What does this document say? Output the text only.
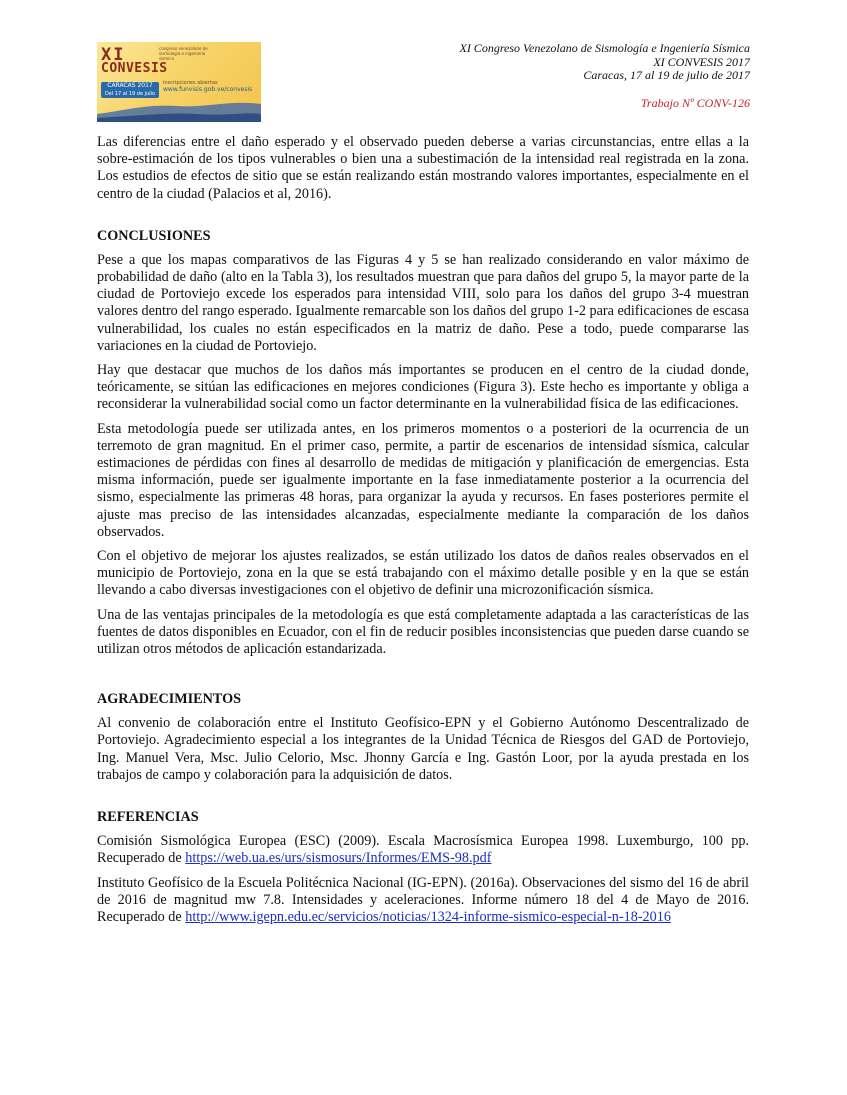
XI	congreso venezolano de sismología e ingeniería sísmica
CONVESIS
CARACAS 2017
Del 17 al 19 de julio
inscripciones abiertas
www.funvisis.gob.ve/convesis
XI Congreso Venezolano de Sismología e Ingeniería Sísmica
XI CONVESIS 2017
Caracas, 17 al 19 de julio de 2017
Trabajo Nº CONV-126

Las diferencias entre el daño esperado y el observado pueden deberse a varias circunstancias, entre ellas a la sobre-estimación de los tipos vulnerables o bien una a subestimación de la intensidad real registrada en la zona. Los estudios de efectos de sitio que se están realizando están mostrando valores importantes, especialmente en el centro de la ciudad (Palacios et al, 2016).

CONCLUSIONES

Pese a que los mapas comparativos de las Figuras 4 y 5 se han realizado considerando en valor máximo de probabilidad de daño (alto en la Tabla 3), los resultados muestran que para daños del grupo 5, la mayor parte de la ciudad de Portoviejo excede los esperados para intensidad VIII, solo para los daños del grupo 3-4 muestran valores dentro del rango esperado. Igualmente remarcable son los daños del grupo 1-2 para edificaciones de escasa vulnerabilidad, los cuales no están especificados en la matriz de daño. Pese a todo, puede compararse las variaciones en la ciudad de Portoviejo.

Hay que destacar que muchos de los daños más importantes se producen en el centro de la ciudad donde, teóricamente, se sitúan las edificaciones en mejores condiciones (Figura 3). Este hecho es importante y obliga a reconsiderar la vulnerabilidad social como un factor determinante en la vulnerabilidad física de las edificaciones.

Esta metodología puede ser utilizada antes, en los primeros momentos o a posteriori de la ocurrencia de un terremoto de gran magnitud. En el primer caso, permite, a partir de escenarios de intensidad sísmica, calcular estimaciones de pérdidas con fines al desarrollo de medidas de mitigación y planificación de emergencias. Esta misma información, puede ser igualmente importante en la fase inmediatamente posterior a la ocurrencia del sismo, especialmente las primeras 48 horas, para organizar la ayuda y recursos. En fases posteriores permite el ajuste mas preciso de las intensidades alcanzadas, especialmente mediante la comparación de los daños observados.

Con el objetivo de mejorar los ajustes realizados, se están utilizado los datos de daños reales observados en el municipio de Portoviejo, zona en la que se está trabajando con el máximo detalle posible y en la que se están llevando a cabo diversas investigaciones con el objetivo de definir una microzonificación sísmica.

Una de las ventajas principales de la metodología es que está completamente adaptada a las características de las fuentes de datos disponibles en Ecuador, con el fin de reducir posibles inconsistencias que pueden darse cuando se utilizan otros métodos de aplicación estandarizada.

AGRADECIMIENTOS

Al convenio de colaboración entre el Instituto Geofísico-EPN y el Gobierno Autónomo Descentralizado de Portoviejo. Agradecimiento especial a los integrantes de la Unidad Técnica de Riesgos del GAD de Portoviejo, Ing. Manuel Vera, Msc. Julio Celorio, Msc. Jhonny García e Ing. Gastón Loor, por la ayuda prestada en los trabajos de campo y colaboración para la adquisición de datos.

REFERENCIAS

Comisión Sismológica Europea (ESC) (2009). Escala Macrosísmica Europea 1998. Luxemburgo, 100 pp. Recuperado de https://web.ua.es/urs/sismosurs/Informes/EMS-98.pdf

Instituto Geofísico de la Escuela Politécnica Nacional (IG-EPN). (2016a). Observaciones del sismo del 16 de abril de 2016 de magnitud mw 7.8. Intensidades y aceleraciones. Informe número 18 del 4 de Mayo de 2016. Recuperado de http://www.igepn.edu.ec/servicios/noticias/1324-informe-sismico-especial-n-18-2016
